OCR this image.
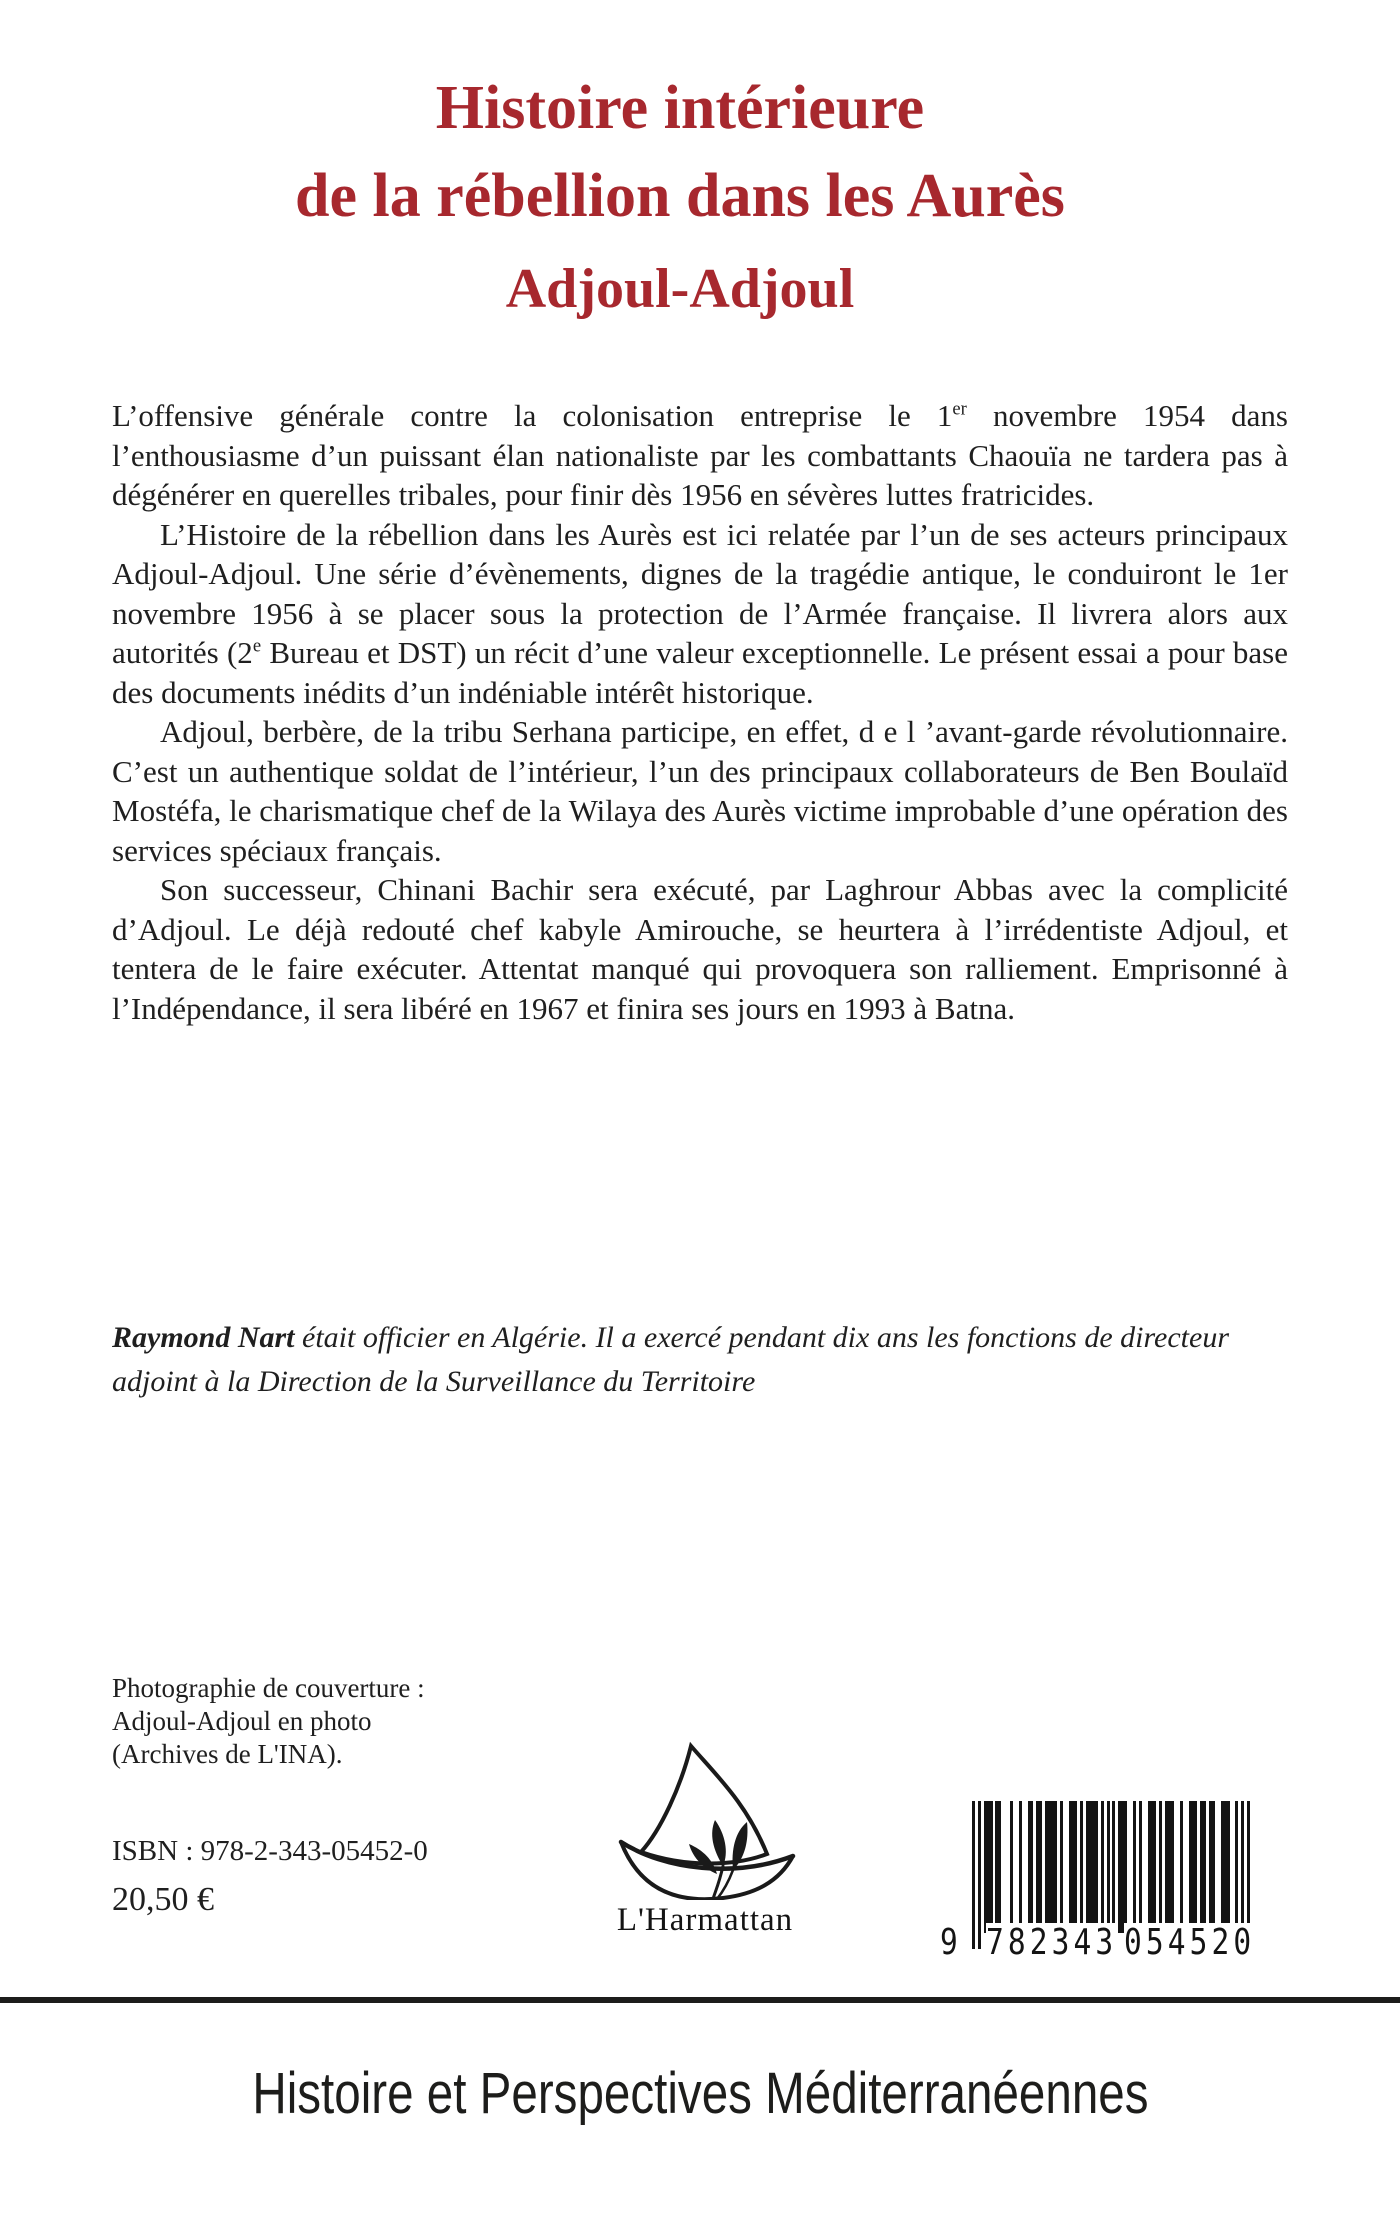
Histoire intérieure
de la rébellion dans les Aurès
Adjoul-Adjoul

L’offensive générale contre la colonisation entreprise le 1er novembre 1954 dans l’enthousiasme d’un puissant élan nationaliste par les combattants Chaouïa ne tardera pas à dégénérer en querelles tribales, pour finir dès 1956 en sévères luttes fratricides.

L’Histoire de la rébellion dans les Aurès est ici relatée par l’un de ses acteurs principaux Adjoul-Adjoul. Une série d’évènements, dignes de la tragédie antique, le conduiront le 1er novembre 1956 à se placer sous la protection de l’Armée française. Il livrera alors aux autorités (2e Bureau et DST) un récit d’une valeur exceptionnelle. Le présent essai a pour base des documents inédits d’un indéniable intérêt historique.

Adjoul, berbère, de la tribu Serhana participe, en effet, d e l ’avant-garde révolutionnaire. C’est un authentique soldat de l’intérieur, l’un des principaux collaborateurs de Ben Boulaïd Mostéfa, le charismatique chef de la Wilaya des Aurès victime improbable d’une opération des services spéciaux français.

Son successeur, Chinani Bachir sera exécuté, par Laghrour Abbas avec la complicité d’Adjoul. Le déjà redouté chef kabyle Amirouche, se heurtera à l’irrédentiste Adjoul, et tentera de le faire exécuter. Attentat manqué qui provoquera son ralliement. Emprisonné à l’Indépendance, il sera libéré en 1967 et finira ses jours en 1993 à Batna.

Raymond Nart était officier en Algérie. Il a exercé pendant dix ans les fonctions de directeur adjoint à la Direction de la Surveillance du Territoire
Photographie de couverture :
Adjoul-Adjoul en photo
(Archives de L'INA).
ISBN : 978-2-343-05452-0
20,50 €
L'Harmattan
9 782343 054520
Histoire et Perspectives Méditerranéennes
